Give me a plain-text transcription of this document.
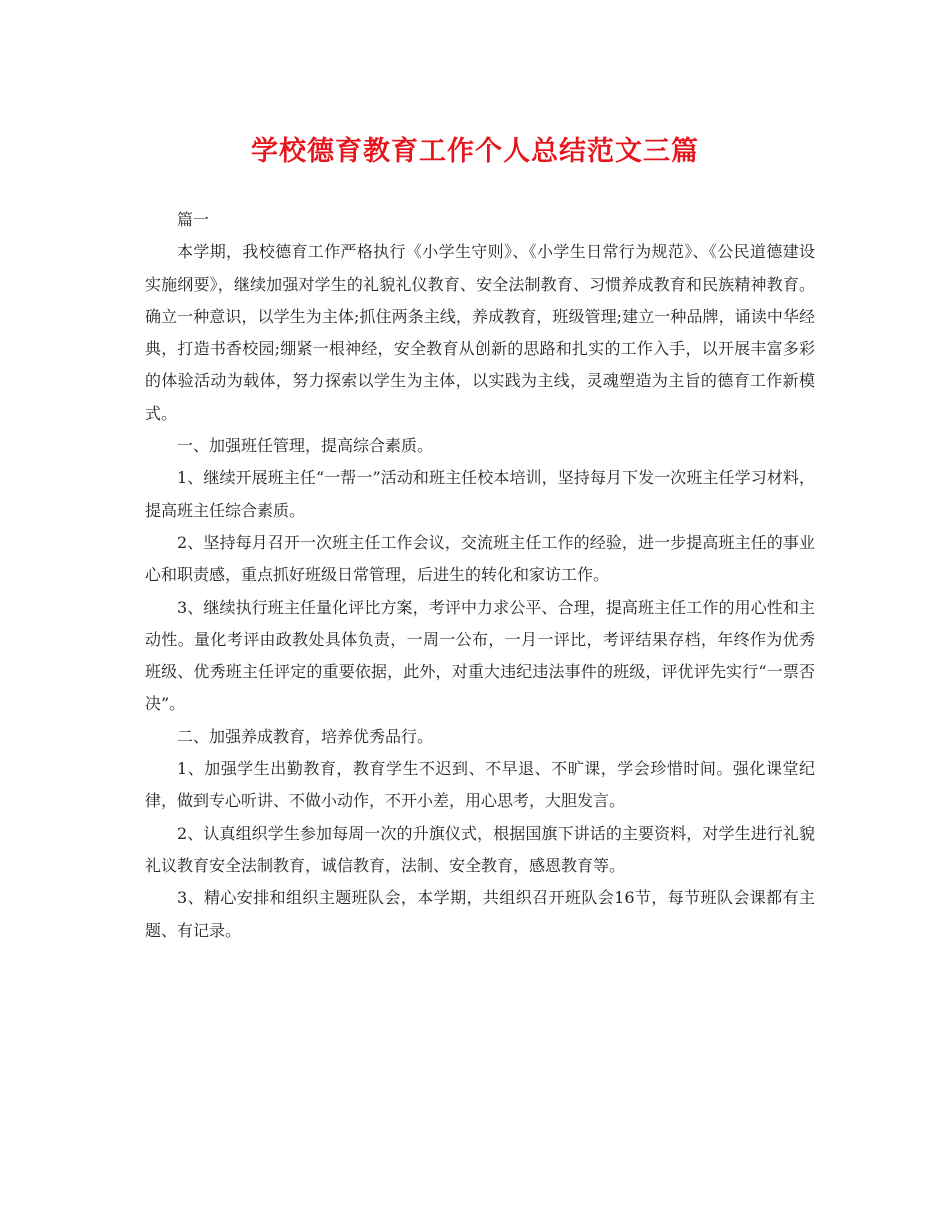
学校德育教育工作个人总结范文三篇

篇一

本学期，我校德育工作严格执行《小学生守则》、《小学生日常行为规范》、《公民道德建设实施纲要》，继续加强对学生的礼貌礼仪教育、安全法制教育、习惯养成教育和民族精神教育。确立一种意识，以学生为主体;抓住两条主线，养成教育，班级管理;建立一种品牌，诵读中华经典，打造书香校园;绷紧一根神经，安全教育从创新的思路和扎实的工作入手，以开展丰富多彩的体验活动为载体，努力探索以学生为主体，以实践为主线，灵魂塑造为主旨的德育工作新模式。

一、加强班任管理，提高综合素质。

1、继续开展班主任“一帮一”活动和班主任校本培训，坚持每月下发一次班主任学习材料，提高班主任综合素质。

2、坚持每月召开一次班主任工作会议，交流班主任工作的经验，进一步提高班主任的事业心和职责感，重点抓好班级日常管理，后进生的转化和家访工作。

3、继续执行班主任量化评比方案，考评中力求公平、合理，提高班主任工作的用心性和主动性。量化考评由政教处具体负责，一周一公布，一月一评比，考评结果存档，年终作为优秀班级、优秀班主任评定的重要依据，此外，对重大违纪违法事件的班级，评优评先实行“一票否决”。

二、加强养成教育，培养优秀品行。

1、加强学生出勤教育，教育学生不迟到、不早退、不旷课，学会珍惜时间。强化课堂纪律，做到专心听讲、不做小动作，不开小差，用心思考，大胆发言。

2、认真组织学生参加每周一次的升旗仪式，根据国旗下讲话的主要资料，对学生进行礼貌礼议教育安全法制教育，诚信教育，法制、安全教育，感恩教育等。

3、精心安排和组织主题班队会，本学期，共组织召开班队会16节，每节班队会课都有主题、有记录。
